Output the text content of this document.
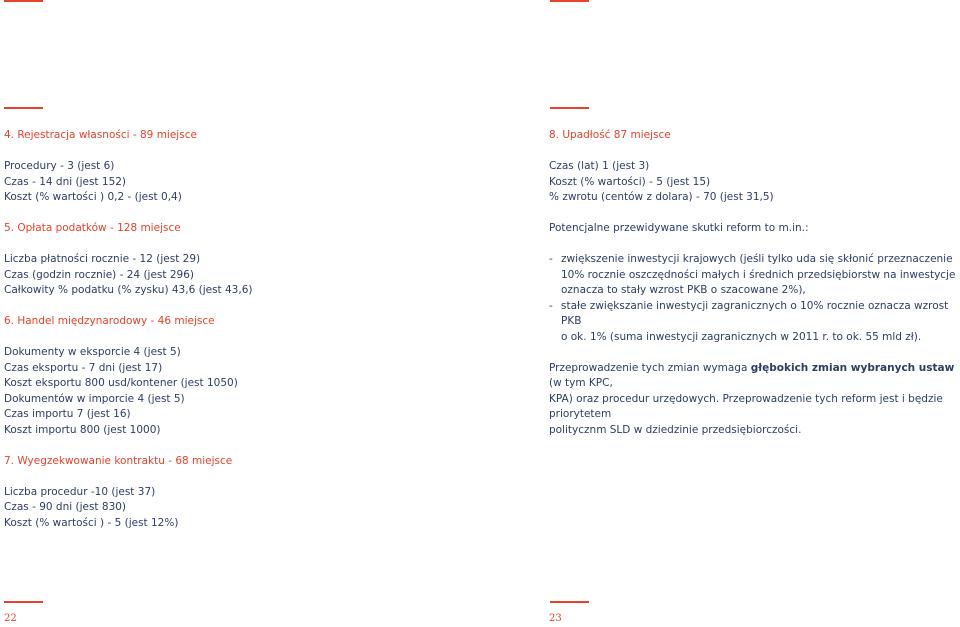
4. Rejestracja własności - 89 miejsce

Procedury - 3 (jest 6)

Czas - 14 dni (jest 152)

Koszt (% wartości ) 0,2 - (jest 0,4)

5. Opłata podatków - 128 miejsce

Liczba płatności rocznie - 12 (jest 29)

Czas (godzin rocznie) - 24 (jest 296)

Całkowity % podatku (% zysku) 43,6 (jest 43,6)

6. Handel międzynarodowy - 46 miejsce

Dokumenty w eksporcie 4 (jest 5)

Czas eksportu - 7 dni (jest 17)

Koszt eksportu 800 usd/kontener (jest 1050)

Dokumentów w imporcie 4 (jest 5)

Czas importu 7 (jest 16)

Koszt importu 800 (jest 1000)

7. Wyegzekwowanie kontraktu - 68 miejsce

Liczba procedur -10 (jest 37)

Czas - 90 dni (jest 830)

Koszt (% wartości ) - 5 (jest 12%)

8. Upadłość 87 miejsce

Czas (lat) 1 (jest 3)

Koszt (% wartości) - 5 (jest 15)

% zwrotu (centów z dolara) - 70 (jest 31,5)

Potencjalne przewidywane skutki reform to m.in.:

- zwiększenie inwestycji krajowych (jeśli tylko uda się skłonić przeznaczenie

10% rocznie oszczędności małych i średnich przedsiębiorstw na inwestycje

oznacza to stały wzrost PKB o szacowane 2%),

- stałe zwiększanie inwestycji zagranicznych o 10% rocznie oznacza wzrost PKB

o ok. 1% (suma inwestycji zagranicznych w 2011 r. to ok. 55 mld zł).

Przeprowadzenie tych zmian wymaga głębokich zmian wybranych ustaw (w tym KPC,

KPA) oraz procedur urzędowych. Przeprowadzenie tych reform jest i będzie priorytetem

politycznm SLD w dziedzinie przedsiębiorczości.

22	23
